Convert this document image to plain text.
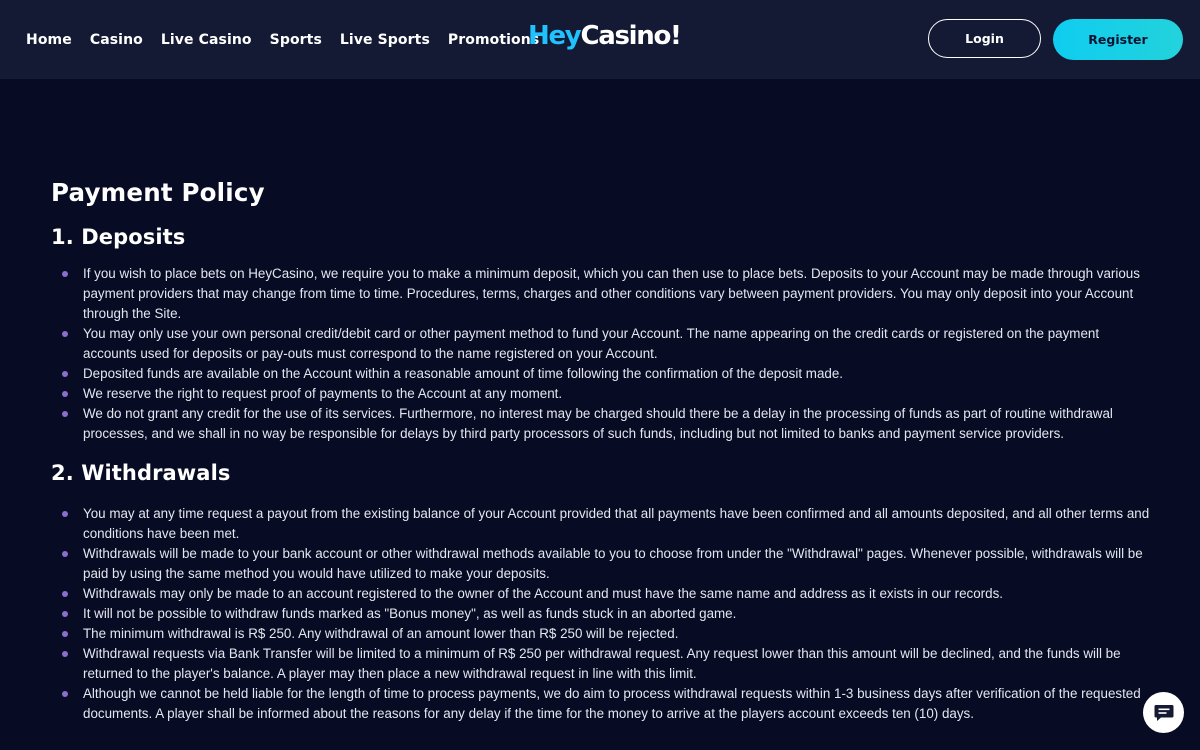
Home Casino Live Casino Sports Live Sports Promotions
HeyCasino!	Login	Register
Payment Policy
1. Deposits
If you wish to place bets on HeyCasino, we require you to make a minimum deposit, which you can then use to place bets. Deposits to your Account may be made through various payment providers that may change from time to time. Procedures, terms, charges and other conditions vary between payment providers. You may only deposit into your Account through the Site.
You may only use your own personal credit/debit card or other payment method to fund your Account. The name appearing on the credit cards or registered on the payment accounts used for deposits or pay-outs must correspond to the name registered on your Account.
Deposited funds are available on the Account within a reasonable amount of time following the confirmation of the deposit made.
We reserve the right to request proof of payments to the Account at any moment.
We do not grant any credit for the use of its services. Furthermore, no interest may be charged should there be a delay in the processing of funds as part of routine withdrawal processes, and we shall in no way be responsible for delays by third party processors of such funds, including but not limited to banks and payment service providers.
2. Withdrawals
You may at any time request a payout from the existing balance of your Account provided that all payments have been confirmed and all amounts deposited, and all other terms and conditions have been met.
Withdrawals will be made to your bank account or other withdrawal methods available to you to choose from under the "Withdrawal" pages. Whenever possible, withdrawals will be paid by using the same method you would have utilized to make your deposits.
Withdrawals may only be made to an account registered to the owner of the Account and must have the same name and address as it exists in our records.
It will not be possible to withdraw funds marked as "Bonus money", as well as funds stuck in an aborted game.
The minimum withdrawal is R$ 250. Any withdrawal of an amount lower than R$ 250 will be rejected.
Withdrawal requests via Bank Transfer will be limited to a minimum of R$ 250 per withdrawal request. Any request lower than this amount will be declined, and the funds will be returned to the player's balance. A player may then place a new withdrawal request in line with this limit.
Although we cannot be held liable for the length of time to process payments, we do aim to process withdrawal requests within 1-3 business days after verification of the requested documents. A player shall be informed about the reasons for any delay if the time for the money to arrive at the players account exceeds ten (10) days.
